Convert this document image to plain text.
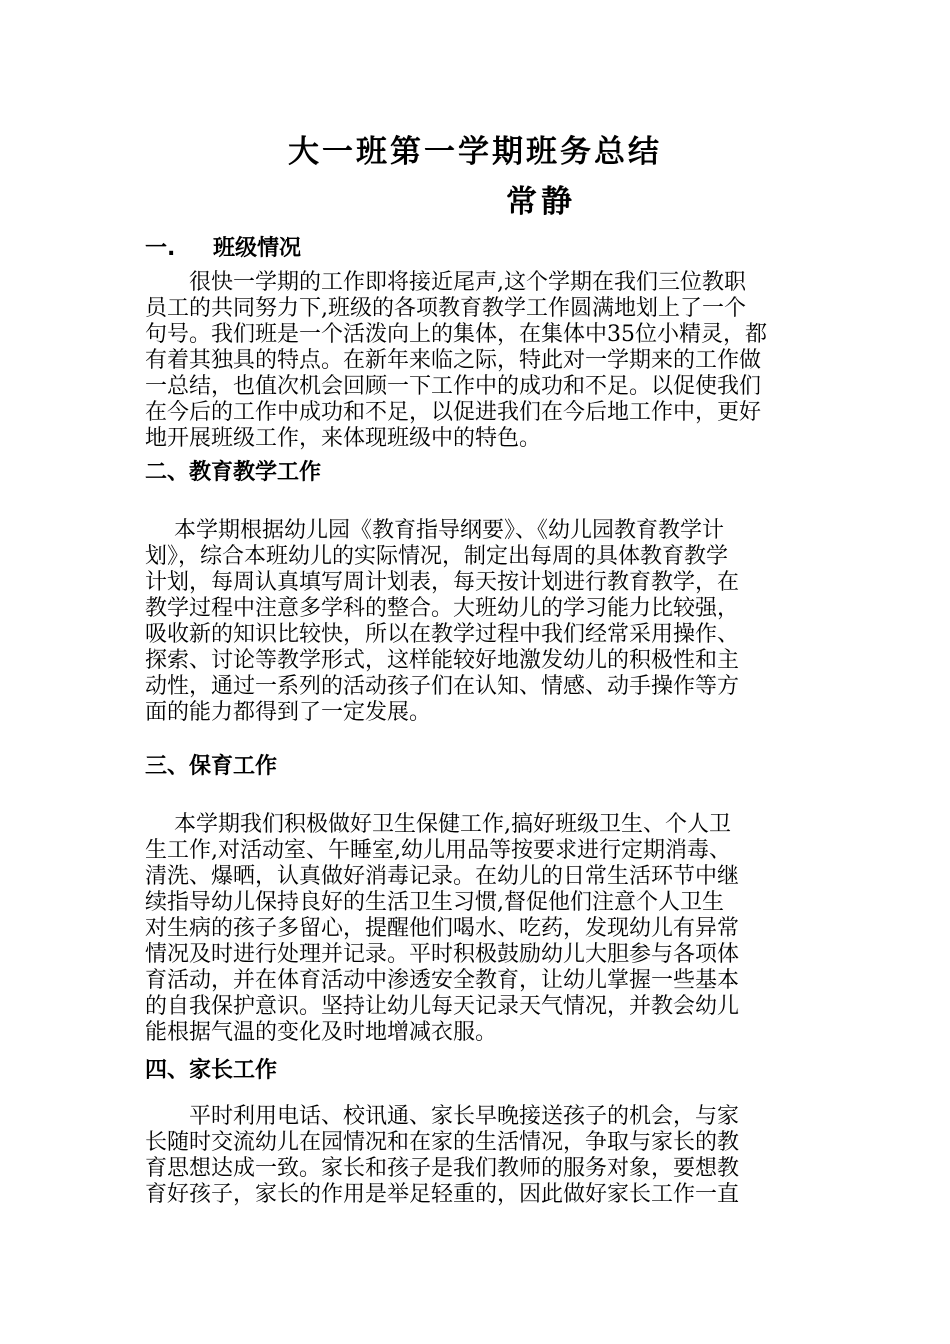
大一班第一学期班务总结
常静
一. 班级情况
　　很快一学期的工作即将接近尾声,这个学期在我们三位教职
员工的共同努力下,班级的各项教育教学工作圆满地划上了一个
句号。我们班是一个活泼向上的集体，在集体中35位小精灵，都
有着其独具的特点。在新年来临之际，特此对一学期来的工作做
一总结，也值次机会回顾一下工作中的成功和不足。以促使我们
在今后的工作中成功和不足，以促进我们在今后地工作中，更好
地开展班级工作，来体现班级中的特色。
二、教育教学工作
　 本学期根据幼儿园《教育指导纲要》、《幼儿园教育教学计
划》，综合本班幼儿的实际情况，制定出每周的具体教育教学
计划，每周认真填写周计划表，每天按计划进行教育教学，在
教学过程中注意多学科的整合。大班幼儿的学习能力比较强，
吸收新的知识比较快，所以在教学过程中我们经常采用操作、
探索、讨论等教学形式，这样能较好地激发幼儿的积极性和主
动性，通过一系列的活动孩子们在认知、情感、动手操作等方
面的能力都得到了一定发展。
三、保育工作
　 本学期我们积极做好卫生保健工作,搞好班级卫生、个人卫
生工作,对活动室、午睡室,幼儿用品等按要求进行定期消毒、
清洗、爆晒，认真做好消毒记录。在幼儿的日常生活环节中继
续指导幼儿保持良好的生活卫生习惯,督促他们注意个人卫生
对生病的孩子多留心，提醒他们喝水、吃药，发现幼儿有异常
情况及时进行处理并记录。平时积极鼓励幼儿大胆参与各项体
育活动，并在体育活动中渗透安全教育，让幼儿掌握一些基本
的自我保护意识。坚持让幼儿每天记录天气情况，并教会幼儿
能根据气温的变化及时地增减衣服。
四、家长工作
　　平时利用电话、校讯通、家长早晚接送孩子的机会，与家
长随时交流幼儿在园情况和在家的生活情况，争取与家长的教
育思想达成一致。家长和孩子是我们教师的服务对象，要想教
育好孩子，家长的作用是举足轻重的，因此做好家长工作一直
